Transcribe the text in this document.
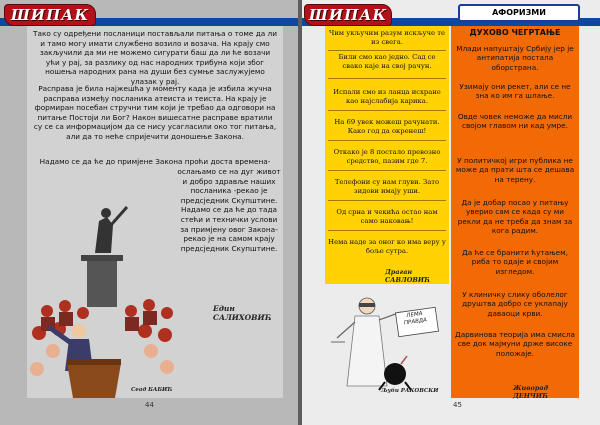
ШИПАК

Тако су одређени посланици постављали питања о томе да ли и тамо могу имати службено возило и возача. На крају смо закључили да ми не можемо сигурати баш да ли ће возачи ући у рај, за разлику од нас народних трибуна који због ношења народних рана на души без сумње заслужујемо улазак у рај.

Расправа је била најжешћа у моменту када је избила жучна расправа између посланика атеиста и теиста. На крају је формиран посебан стручни тим који је требао да одговори на питање Постоји ли Бог? Након вишесатне расправе вратили су се са информацијом да се нису усагласили око тог питања, али да то неће спријечити доношење Закона.

Надамо се да ће до примјене Закона проћи доста времена-

ослањамо се на дуг живот и добро здравље наших посланика -рекао је предсједник Скупштине. Надамо се да ће до тада стећи и технички услови за примјену овог Закона-рекао је на самом крају предсједник Скупштине.

Един САЛИХОВИЋ
Сеад БАБИЋ
44
ШИПАК
45
АФОРИЗМИ

Чим укључим разум искључе те из свега.

Били смо као једно. Сад се свако каје на свој рачун.

Испали смо из ланца исхране као најслабија карика.

На 69 увек можеш рачунати. Како год да окренеш!

Откако је 8 постало превозно средство, пазим где 7.

Телефони су нам глуви. Зато зидови имају уши.

Од срна и чекића остао нам само наковањ!

Нема наде за оног ко има веру у боље сутра.

Драган САВЛОВИЋ
ЛЕМА ПРАВДА
Љуби РАКОВСКИ
ДУХОВО ЧЕГРТАЊЕ

Млади напуштају Србију јер је антипатија постала оборстрана.

Узимају они рекет, али се не зна ко им га шлање.

Овде човек неможе да мисли својом главом ни кад умре.

У политичкој игри публика не може да прати шта се дешава на терену.

Да је добар посао у питању уверио сам се када су ми рекли да не треба да знам за кога радим.

Да ће се бранити ћутањем, риба то одаје и својим изгледом.

У клиничку слику оболелог друштва добро се уклапају даваоци крви.

Дарвинова теорија има смисла све док мајмуни држе високе положаје.

Живорад ДЕНЧИЋ
